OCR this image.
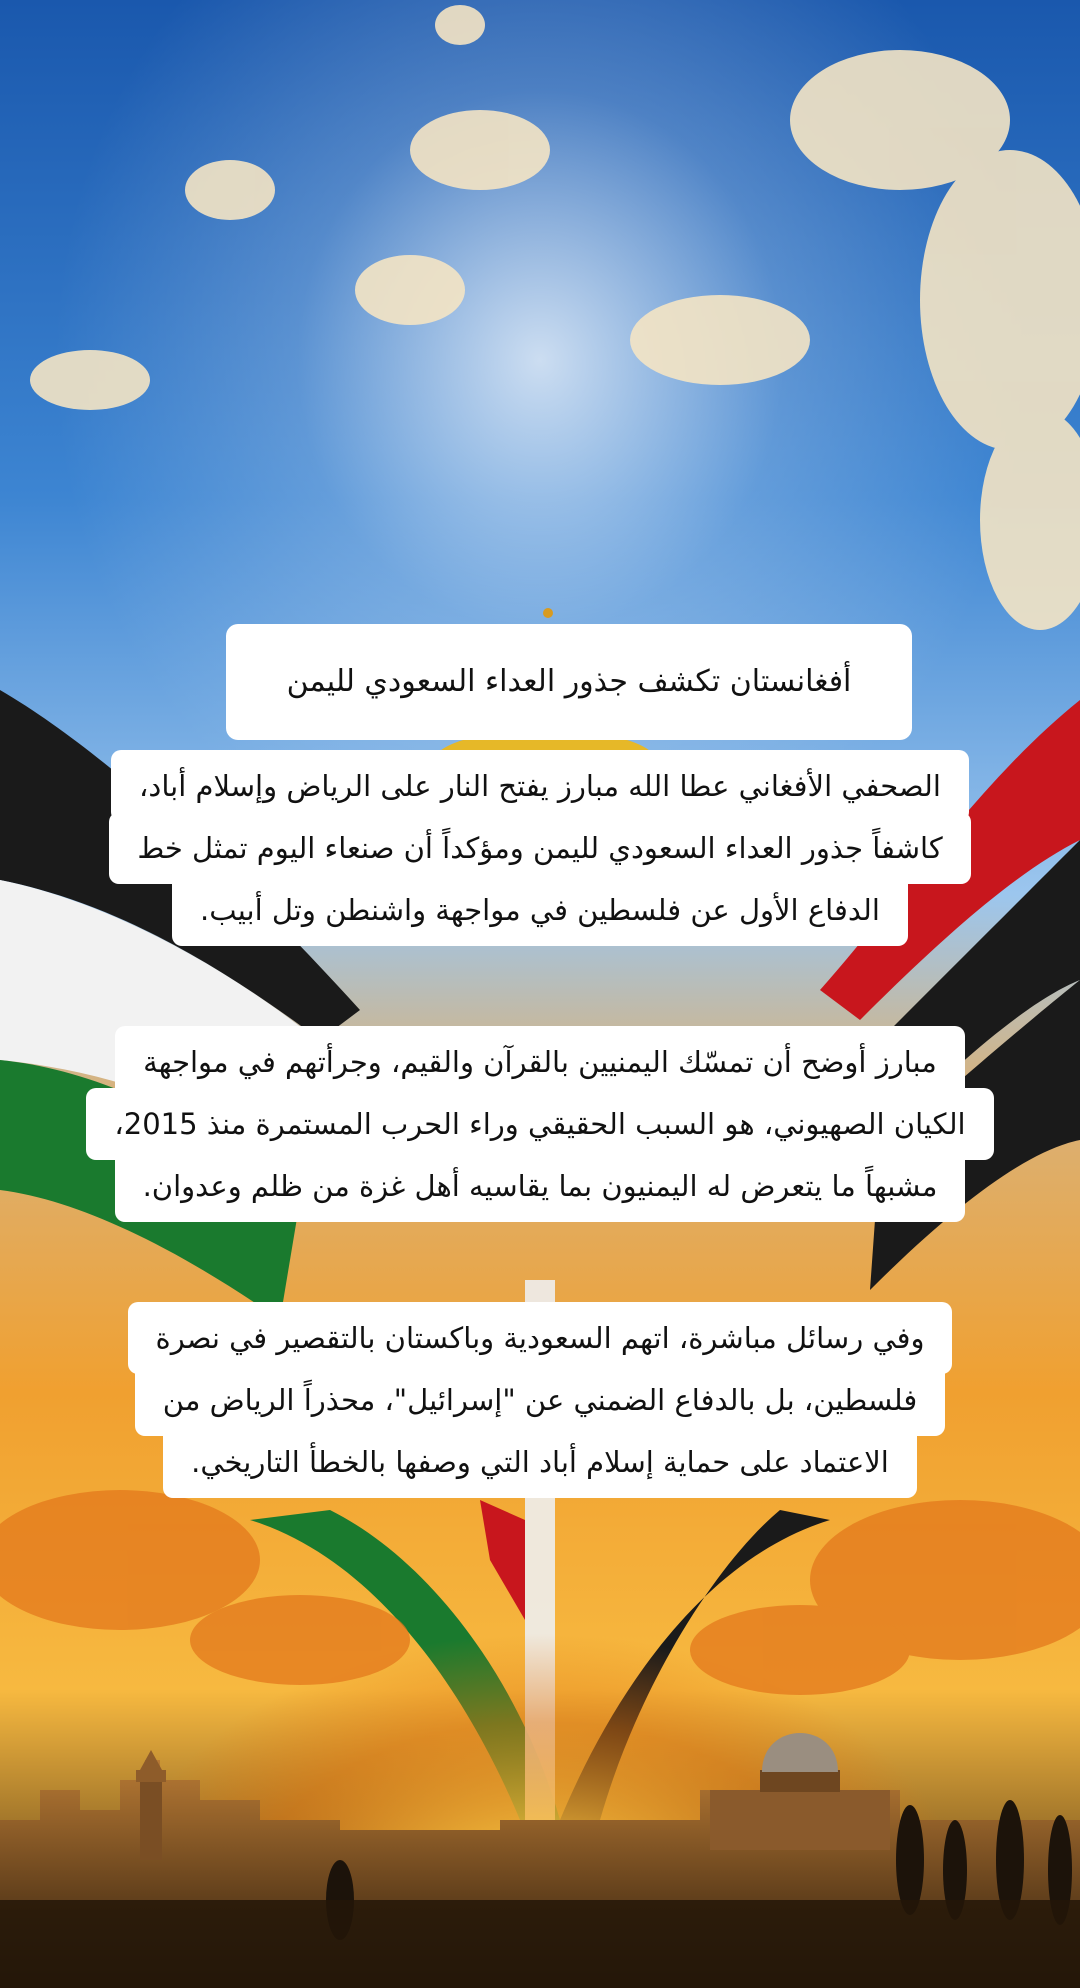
أفغانستان تكشف جذور العداء السعودي لليمن
الصحفي الأفغاني عطا الله مبارز يفتح النار على الرياض وإسلام أباد،
كاشفاً جذور العداء السعودي لليمن ومؤكداً أن صنعاء اليوم تمثل خط
الدفاع الأول عن فلسطين في مواجهة واشنطن وتل أبيب.
مبارز أوضح أن تمسّك اليمنيين بالقرآن والقيم، وجرأتهم في مواجهة
الكيان الصهيوني، هو السبب الحقيقي وراء الحرب المستمرة منذ 2015،
مشبهاً ما يتعرض له اليمنيون بما يقاسيه أهل غزة من ظلم وعدوان.
وفي رسائل مباشرة، اتهم السعودية وباكستان بالتقصير في نصرة
فلسطين، بل بالدفاع الضمني عن "إسرائيل"، محذراً الرياض من
الاعتماد على حماية إسلام أباد التي وصفها بالخطأ التاريخي.
